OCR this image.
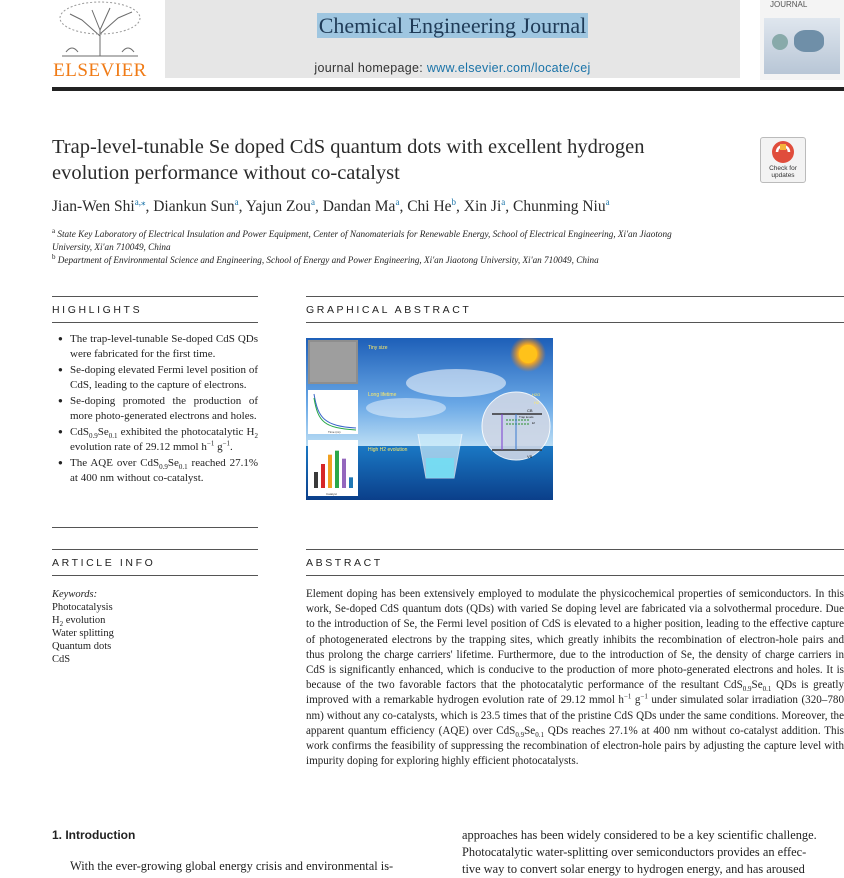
ELSEVIER
Chemical Engineering Journal
journal homepage: www.elsevier.com/locate/cej
JOURNAL
Trap-level-tunable Se doped CdS quantum dots with excellent hydrogen
evolution performance without co-catalyst	Check for updates
Jian-Wen Shi$^{a,⁎}$, Diankun Sun$^a$, Yajun Zou$^a$, Dandan Ma$^a$, Chi He$^b$, Xin Ji$^a$, Chunming Niu$^a$
$^a$ State Key Laboratory of Electrical Insulation and Power Equipment, Center of Nanomaterials for Renewable Energy, School of Electrical Engineering, Xi'an Jiaotong
University, Xi'an 710049, China
$^b$ Department of Environmental Science and Engineering, School of Energy and Power Engineering, Xi'an Jiaotong University, Xi'an 710049, China
HIGHLIGHTS
● The trap-level-tunable Se-doped CdS QDs were fabricated for the first time.
● Se-doping elevated Fermi level position of CdS, leading to the capture of electrons.
● Se-doping promoted the production of more photo-generated electrons and holes.
● $CdS_{0.9}Se_{0.1}$ exhibited the photocatalytic $H_2$ evolution rate of 29.12 mmol $h^{-1}$ $g^{-1}$.
● The AQE over $CdS_{0.9}Se_{0.1}$ reached 27.1% at 400 nm without co-catalyst.
GRAPHICAL ABSTRACT
Tiny size
Long lifetime
Time (ns)
Catalyst
High H2 evolution
CB
VB
Trap levels
Ef
H2O
H2
ARTICLE INFO
Keywords:
Photocatalysis
$H_2$ evolution
Water splitting
Quantum dots
CdS
ABSTRACT
Element doping has been extensively employed to modulate the physicochemical properties of semiconductors. In this work, Se-doped CdS quantum dots (QDs) with varied Se doping level are fabricated via a solvothermal procedure. Due to the introduction of Se, the Fermi level position of CdS is elevated to a higher position, leading to the effective capture of photogenerated electrons by the trapping sites, which greatly inhibits the recombination of electron-hole pairs and thus prolong the charge carriers' lifetime. Furthermore, due to the introduction of Se, the density of charge carriers in CdS is significantly enhanced, which is conducive to the production of more photo-generated electrons and holes. It is because of the two favorable factors that the photocatalytic performance of the resultant $CdS_{0.9}Se_{0.1}$ QDs is greatly improved with a remarkable hydrogen evolution rate of 29.12 mmol $h^{-1}$ $g^{-1}$ under simulated solar irradiation (320–780 nm) without any co-catalysts, which is 23.5 times that of the pristine CdS QDs under the same conditions. Moreover, the apparent quantum efficiency (AQE) over $CdS_{0.9}Se_{0.1}$ QDs reaches 27.1% at 400 nm without co-catalyst addition. This work confirms the feasibility of suppressing the recombination of electron-hole pairs by adjusting the capture level with impurity doping for exploring highly efficient photocatalysts.
1. Introduction
With the ever-growing global energy crisis and environmental is-
approaches has been widely considered to be a key scientific challenge.
Photocatalytic water-splitting over semiconductors provides an effec-
tive way to convert solar energy to hydrogen energy, and has aroused
